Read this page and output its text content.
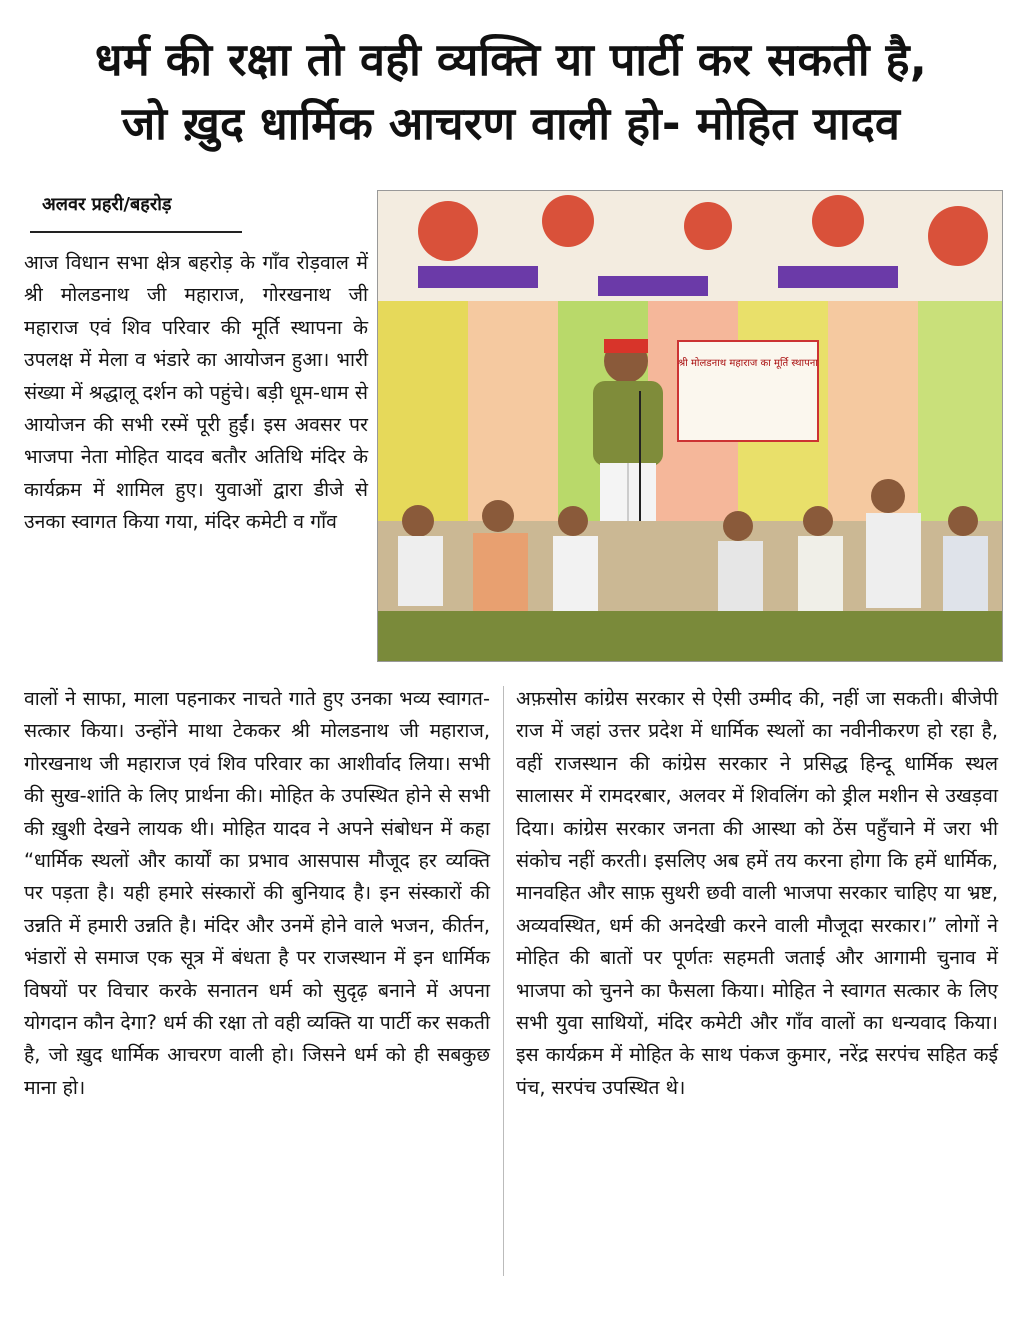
धर्म की रक्षा तो वही व्यक्ति या पार्टी कर सकती है,
जो ख़ुद धार्मिक आचरण वाली हो- मोहित यादव
अलवर प्रहरी/बहरोड़
श्री मोलडनाथ महाराज का मूर्ति स्थापना
आज विधान सभा क्षेत्र बहरोड़ के गाँव रोड़वाल में श्री मोलडनाथ जी महाराज, गोरखनाथ जी महाराज एवं शिव परिवार की मूर्ति स्थापना के उपलक्ष में मेला व भंडारे का आयोजन हुआ। भारी संख्या में श्रद्धालू दर्शन को पहुंचे। बड़ी धूम-धाम से आयोजन की सभी रस्में पूरी हुईं। इस अवसर पर भाजपा नेता मोहित यादव बतौर अतिथि मंदिर के कार्यक्रम में शामिल हुए। युवाओं द्वारा डीजे से उनका स्वागत किया गया, मंदिर कमेटी व गाँव
वालों ने साफा, माला पहनाकर नाचते गाते हुए उनका भव्य स्वागत-सत्कार किया। उन्होंने माथा टेककर श्री मोलडनाथ जी महाराज, गोरखनाथ जी महाराज एवं शिव परिवार का आशीर्वाद लिया। सभी की सुख-शांति के लिए प्रार्थना की। मोहित के उपस्थित होने से सभी की ख़ुशी देखने लायक थी। मोहित यादव ने अपने संबोधन में कहा “धार्मिक स्थलों और कार्यों का प्रभाव आसपास मौजूद हर व्यक्ति पर पड़ता है। यही हमारे संस्कारों की बुनियाद है। इन संस्कारों की उन्नति में हमारी उन्नति है। मंदिर और उनमें होने वाले भजन, कीर्तन, भंडारों से समाज एक सूत्र में बंधता है पर राजस्थान में इन धार्मिक विषयों पर विचार करके सनातन धर्म को सुदृढ़ बनाने में अपना योगदान कौन देगा? धर्म की रक्षा तो वही व्यक्ति या पार्टी कर सकती है, जो ख़ुद धार्मिक आचरण वाली हो। जिसने धर्म को ही सबकुछ माना हो।
अफ़सोस कांग्रेस सरकार से ऐसी उम्मीद की, नहीं जा सकती। बीजेपी राज में जहां उत्तर प्रदेश में धार्मिक स्थलों का नवीनीकरण हो रहा है, वहीं राजस्थान की कांग्रेस सरकार ने प्रसिद्ध हिन्दू धार्मिक स्थल सालासर में रामदरबार, अलवर में शिवलिंग को ड्रील मशीन से उखड़वा दिया। कांग्रेस सरकार जनता की आस्था को ठेंस पहुँचाने में जरा भी संकोच नहीं करती। इसलिए अब हमें तय करना होगा कि हमें धार्मिक, मानवहित और साफ़ सुथरी छवी वाली भाजपा सरकार चाहिए या भ्रष्ट, अव्यवस्थित, धर्म की अनदेखी करने वाली मौजूदा सरकार।” लोगों ने मोहित की बातों पर पूर्णतः सहमती जताई और आगामी चुनाव में भाजपा को चुनने का फैसला किया। मोहित ने स्वागत सत्कार के लिए सभी युवा साथियों, मंदिर कमेटी और गाँव वालों का धन्यवाद किया। इस कार्यक्रम में मोहित के साथ पंकज कुमार, नरेंद्र सरपंच सहित कई पंच, सरपंच उपस्थित थे।
